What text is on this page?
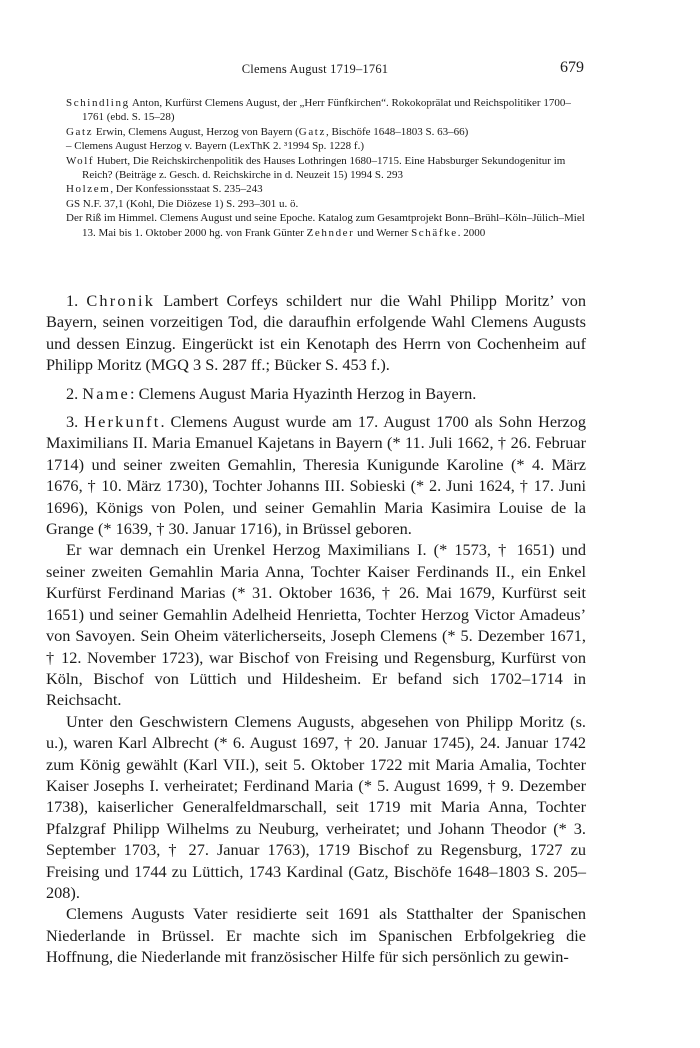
Clemens August 1719–1761	679

Schindling Anton, Kurfürst Clemens August, der „Herr Fünfkirchen“. Rokokoprälat und Reichspolitiker 1700–1761 (ebd. S. 15–28)

Gatz Erwin, Clemens August, Herzog von Bayern (Gatz, Bischöfe 1648–1803 S. 63–66)

– Clemens August Herzog v. Bayern (LexThK 2. ³1994 Sp. 1228 f.)

Wolf Hubert, Die Reichskirchenpolitik des Hauses Lothringen 1680–1715. Eine Habsburger Sekundogenitur im Reich? (Beiträge z. Gesch. d. Reichskirche in d. Neuzeit 15) 1994 S. 293

Holzem, Der Konfessionsstaat S. 235–243

GS N.F. 37,1 (Kohl, Die Diözese 1) S. 293–301 u. ö.

Der Riß im Himmel. Clemens August und seine Epoche. Katalog zum Gesamtprojekt Bonn–Brühl–Köln–Jülich–Miel 13. Mai bis 1. Oktober 2000 hg. von Frank Günter Zehnder und Werner Schäfke. 2000

1. Chronik Lambert Corfeys schildert nur die Wahl Philipp Moritz’ von Bayern, seinen vorzeitigen Tod, die daraufhin erfolgende Wahl Clemens Augusts und dessen Einzug. Eingerückt ist ein Kenotaph des Herrn von Cochenheim auf Philipp Moritz (MGQ 3 S. 287 ff.; Bücker S. 453 f.).

2. Name: Clemens August Maria Hyazinth Herzog in Bayern.

3. Herkunft. Clemens August wurde am 17. August 1700 als Sohn Herzog Maximilians II. Maria Emanuel Kajetans in Bayern (* 11. Juli 1662, † 26. Februar 1714) und seiner zweiten Gemahlin, Theresia Kunigunde Karoline (* 4. März 1676, † 10. März 1730), Tochter Johanns III. Sobieski (* 2. Juni 1624, † 17. Juni 1696), Königs von Polen, und seiner Gemahlin Maria Kasimira Louise de la Grange (* 1639, † 30. Januar 1716), in Brüssel geboren.

Er war demnach ein Urenkel Herzog Maximilians I. (* 1573, † 1651) und seiner zweiten Gemahlin Maria Anna, Tochter Kaiser Ferdinands II., ein Enkel Kurfürst Ferdinand Marias (* 31. Oktober 1636, † 26. Mai 1679, Kurfürst seit 1651) und seiner Gemahlin Adelheid Henrietta, Tochter Herzog Victor Amadeus’ von Savoyen. Sein Oheim väterlicherseits, Joseph Clemens (* 5. Dezember 1671, † 12. November 1723), war Bischof von Freising und Regensburg, Kurfürst von Köln, Bischof von Lüttich und Hildesheim. Er befand sich 1702–1714 in Reichsacht.

Unter den Geschwistern Clemens Augusts, abgesehen von Philipp Moritz (s. u.), waren Karl Albrecht (* 6. August 1697, † 20. Januar 1745), 24. Januar 1742 zum König gewählt (Karl VII.), seit 5. Oktober 1722 mit Maria Amalia, Tochter Kaiser Josephs I. verheiratet; Ferdinand Maria (* 5. August 1699, † 9. Dezember 1738), kaiserlicher Generalfeldmarschall, seit 1719 mit Maria Anna, Tochter Pfalzgraf Philipp Wilhelms zu Neuburg, verheiratet; und Johann Theodor (* 3. September 1703, † 27. Januar 1763), 1719 Bischof zu Regensburg, 1727 zu Freising und 1744 zu Lüttich, 1743 Kardinal (Gatz, Bischöfe 1648–1803 S. 205–208).

Clemens Augusts Vater residierte seit 1691 als Statthalter der Spanischen Niederlande in Brüssel. Er machte sich im Spanischen Erbfolgekrieg die Hoffnung, die Niederlande mit französischer Hilfe für sich persönlich zu gewin-
